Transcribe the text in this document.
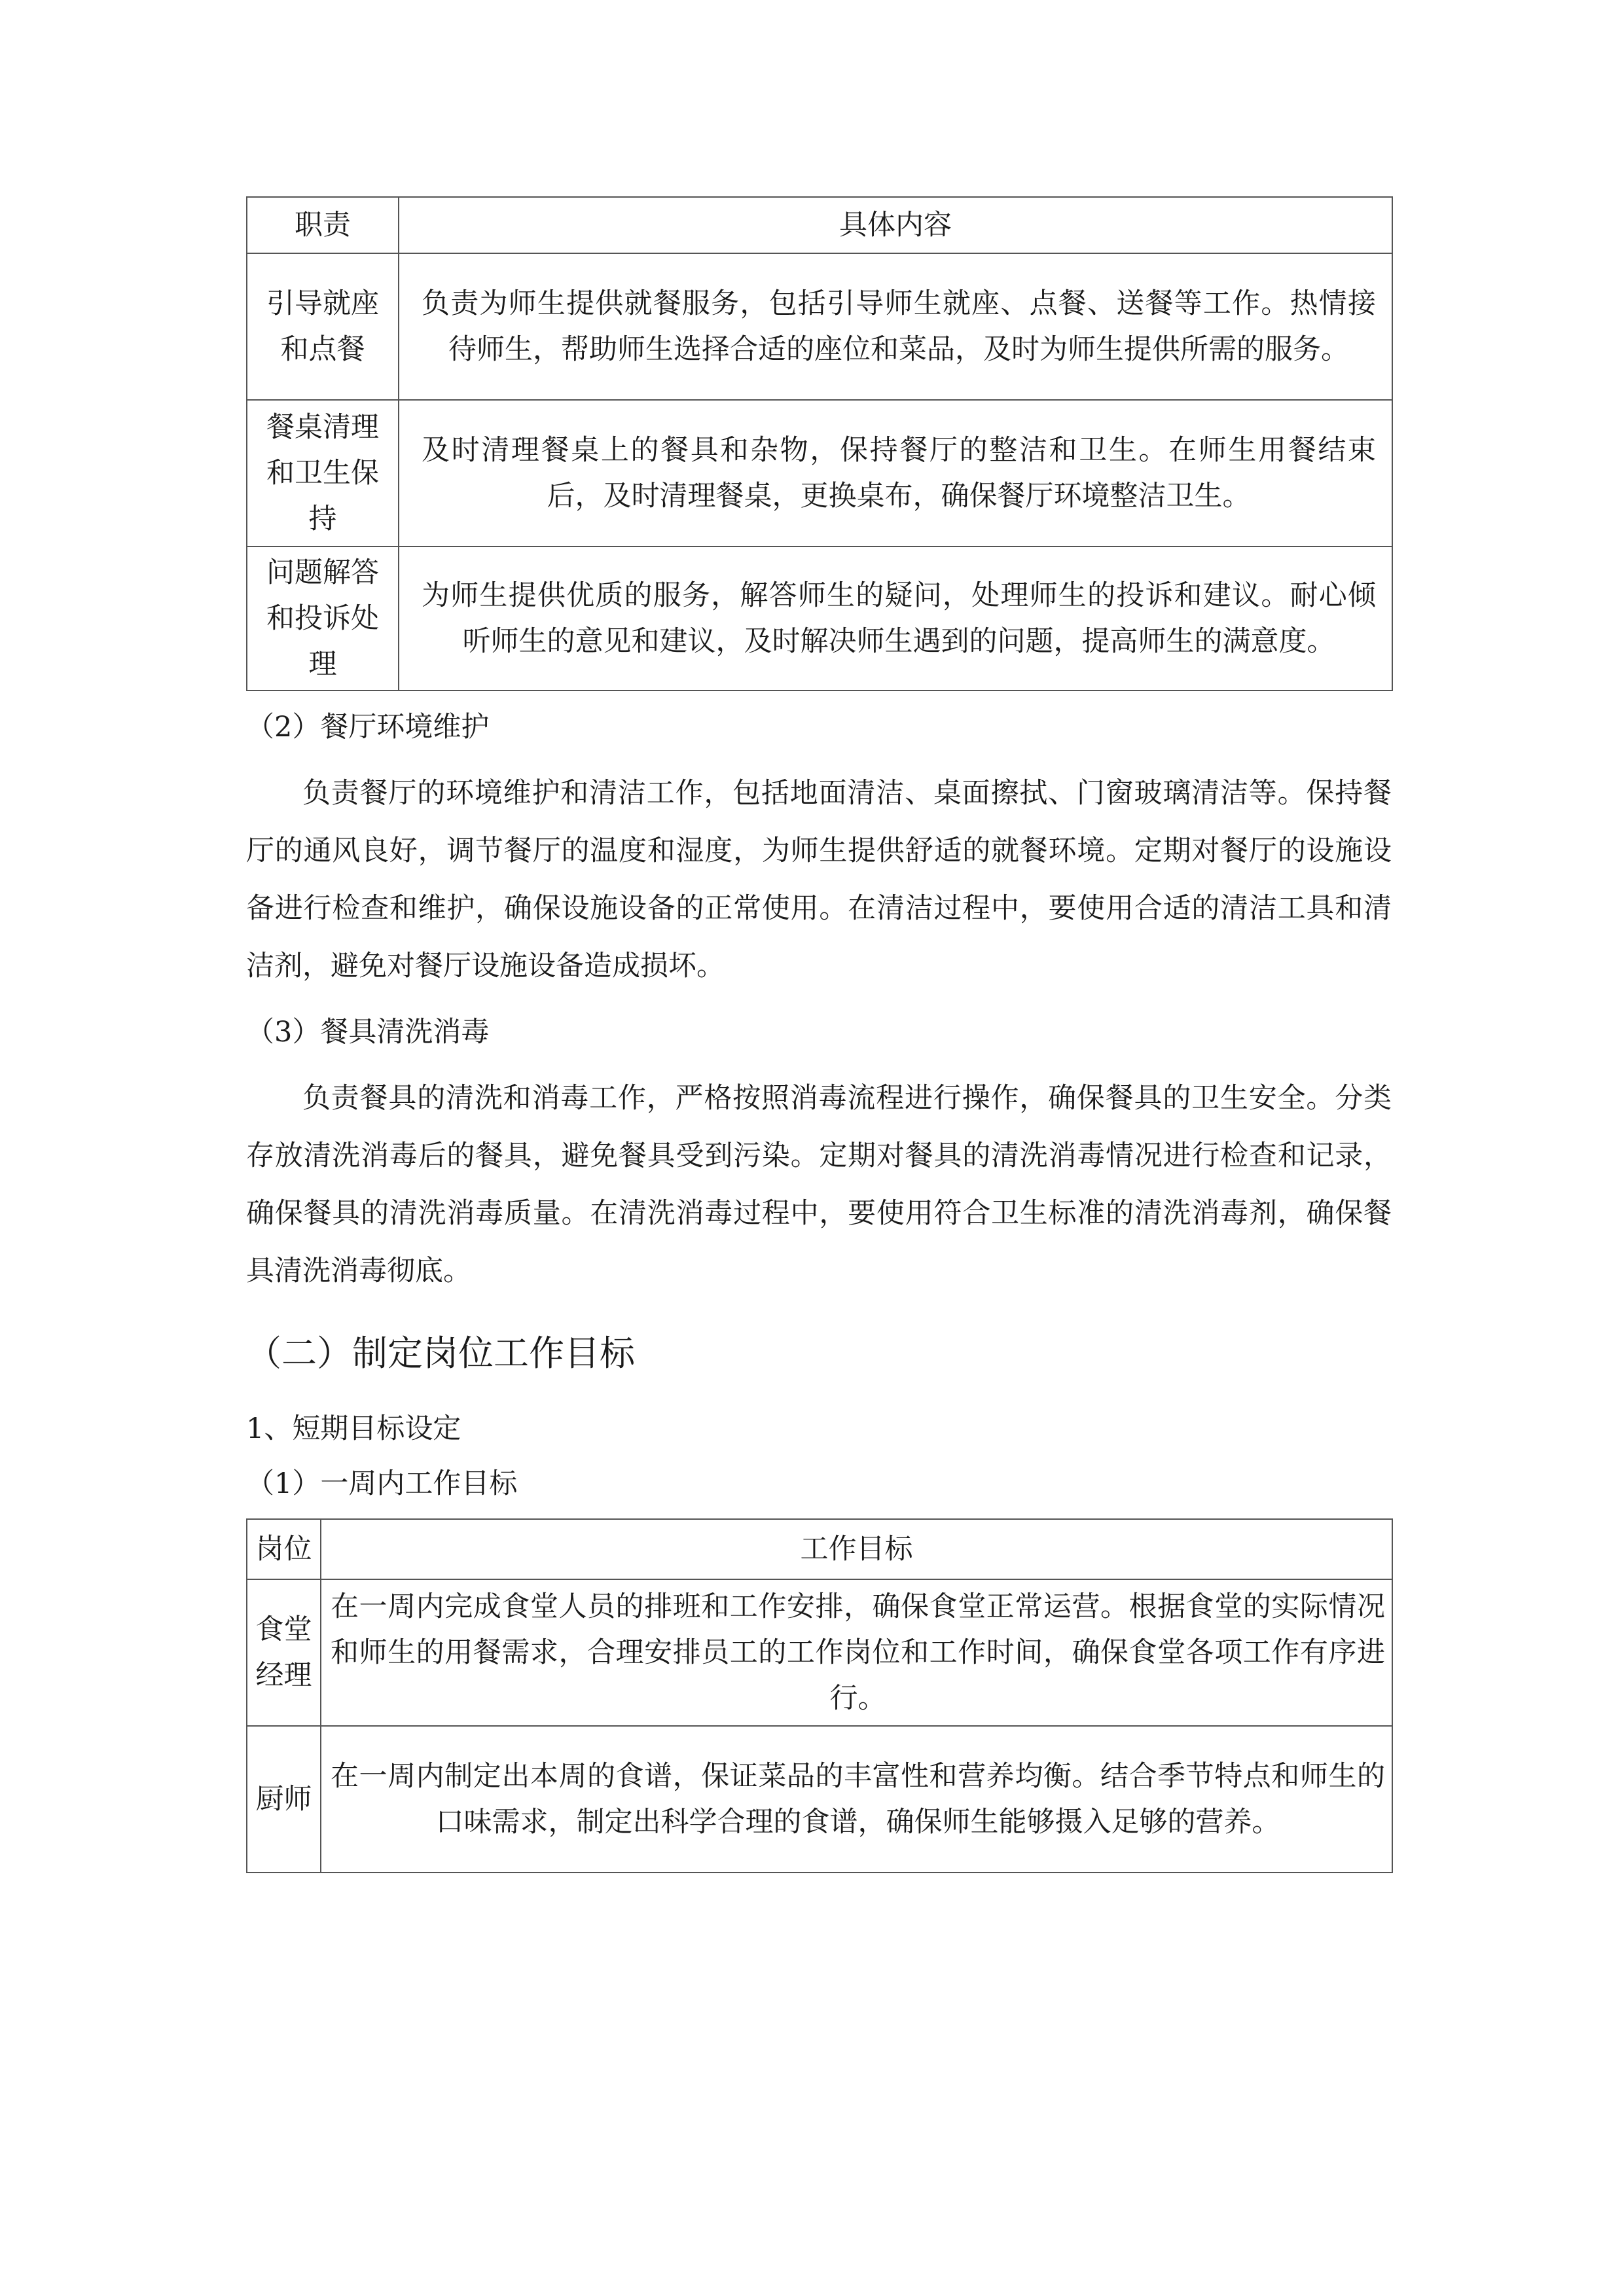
职责	具体内容
引导就座和点餐	负责为师生提供就餐服务，包括引导师生就座、点餐、送餐等工作。热情接待师生，帮助师生选择合适的座位和菜品，及时为师生提供所需的服务。
餐桌清理和卫生保持	及时清理餐桌上的餐具和杂物，保持餐厅的整洁和卫生。在师生用餐结束后，及时清理餐桌，更换桌布，确保餐厅环境整洁卫生。
问题解答和投诉处理	为师生提供优质的服务，解答师生的疑问，处理师生的投诉和建议。耐心倾听师生的意见和建议，及时解决师生遇到的问题，提高师生的满意度。

（2）餐厅环境维护

负责餐厅的环境维护和清洁工作，包括地面清洁、桌面擦拭、门窗玻璃清洁等。保持餐厅的通风良好，调节餐厅的温度和湿度，为师生提供舒适的就餐环境。定期对餐厅的设施设备进行检查和维护，确保设施设备的正常使用。在清洁过程中，要使用合适的清洁工具和清洁剂，避免对餐厅设施设备造成损坏。

（3）餐具清洗消毒

负责餐具的清洗和消毒工作，严格按照消毒流程进行操作，确保餐具的卫生安全。分类存放清洗消毒后的餐具，避免餐具受到污染。定期对餐具的清洗消毒情况进行检查和记录，确保餐具的清洗消毒质量。在清洗消毒过程中，要使用符合卫生标准的清洗消毒剂，确保餐具清洗消毒彻底。

（二）制定岗位工作目标

1、短期目标设定

（1）一周内工作目标

岗位	工作目标
食堂经理	在一周内完成食堂人员的排班和工作安排，确保食堂正常运营。根据食堂的实际情况和师生的用餐需求，合理安排员工的工作岗位和工作时间，确保食堂各项工作有序进行。
厨师	在一周内制定出本周的食谱，保证菜品的丰富性和营养均衡。结合季节特点和师生的口味需求，制定出科学合理的食谱，确保师生能够摄入足够的营养。
